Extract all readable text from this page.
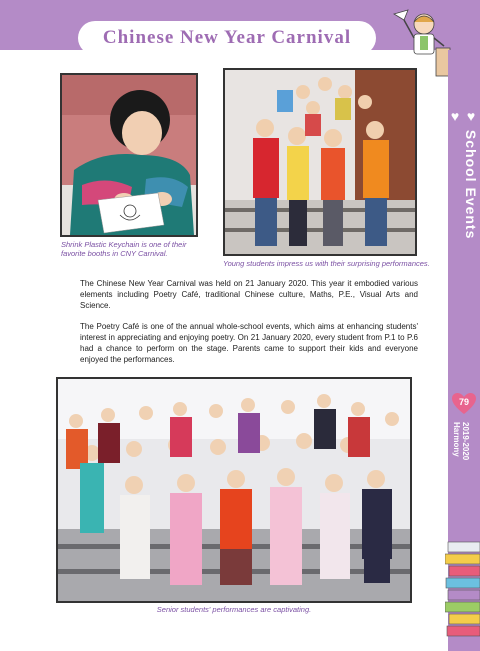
Chinese New Year Carnival
♥ School Events ♥
79
2019-2020 Harmony
Shrink Plastic Keychain is one of their favorite booths in CNY Carnival.
Young students impress us with their surprising performances.

The Chinese New Year Carnival was held on 21 January 2020. This year it embodied various elements including Poetry Café, traditional Chinese culture, Maths, P.E., Visual Arts and Science.

The Poetry Café is one of the annual whole-school events, which aims at enhancing students' interest in appreciating and enjoying poetry. On 21 January 2020, every student from P.1 to P.6 had a chance to perform on the stage. Parents came to support their kids and everyone enjoyed the performances.

Senior students' performances are captivating.
